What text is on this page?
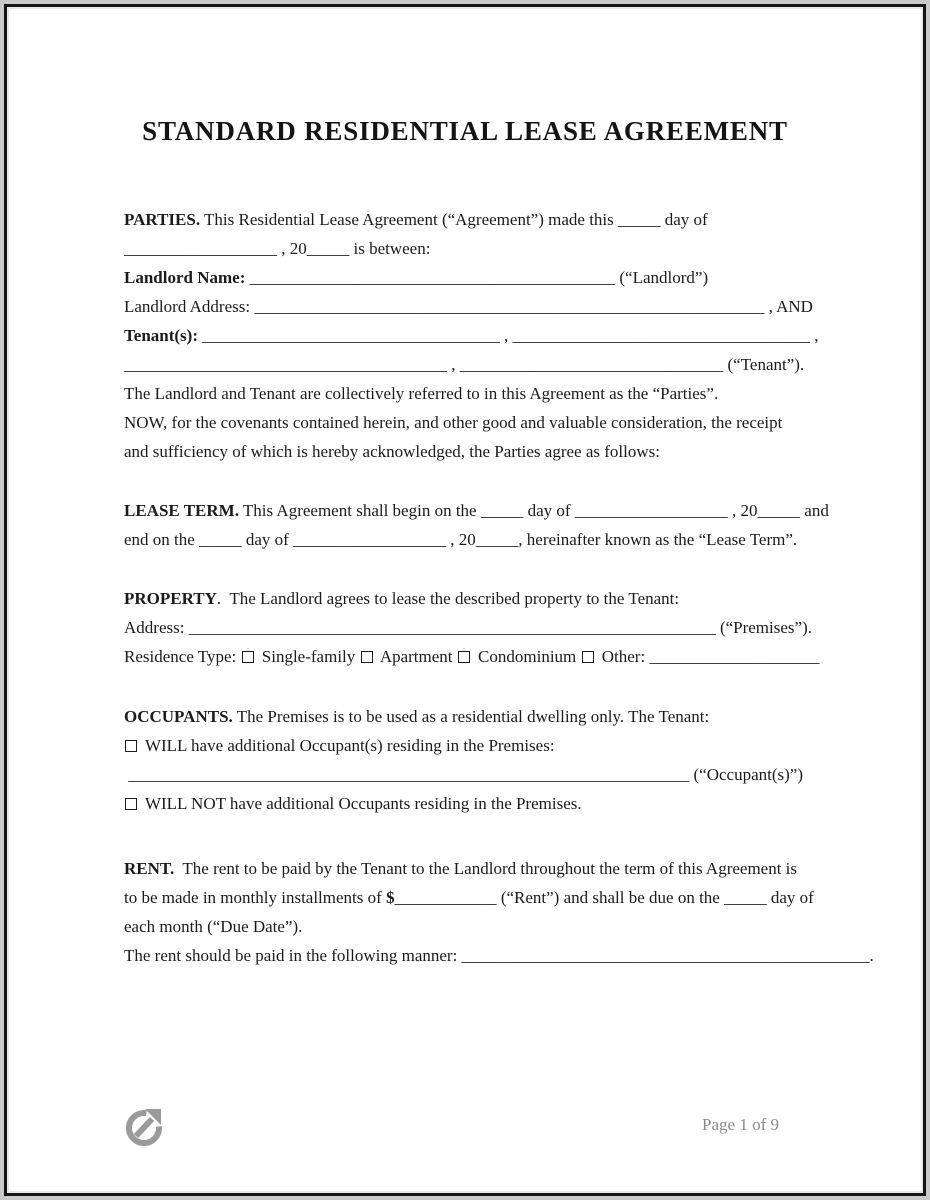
STANDARD RESIDENTIAL LEASE AGREEMENT
PARTIES. This Residential Lease Agreement (“Agreement”) made this _____ day of
__________________ , 20_____ is between:
Landlord Name: ___________________________________________ (“Landlord”)
Landlord Address: ____________________________________________________________ , AND
Tenant(s): ___________________________________ , ___________________________________ ,
______________________________________ , _______________________________ (“Tenant”).
The Landlord and Tenant are collectively referred to in this Agreement as the “Parties”.
NOW, for the covenants contained herein, and other good and valuable consideration, the receipt
and sufficiency of which is hereby acknowledged, the Parties agree as follows:
LEASE TERM. This Agreement shall begin on the _____ day of __________________ , 20_____ and
end on the _____ day of __________________ , 20_____, hereinafter known as the “Lease Term”.
PROPERTY.  The Landlord agrees to lease the described property to the Tenant:
Address: ______________________________________________________________ (“Premises”).
Residence Type:  Single-family  Apartment  Condominium  Other: ____________________
OCCUPANTS. The Premises is to be used as a residential dwelling only. The Tenant:
WILL have additional Occupant(s) residing in the Premises:
__________________________________________________________________ (“Occupant(s)”)
WILL NOT have additional Occupants residing in the Premises.
RENT.  The rent to be paid by the Tenant to the Landlord throughout the term of this Agreement is
to be made in monthly installments of $____________ (“Rent”) and shall be due on the _____ day of
each month (“Due Date”).
The rent should be paid in the following manner: ________________________________________________.
Page 1 of 9
